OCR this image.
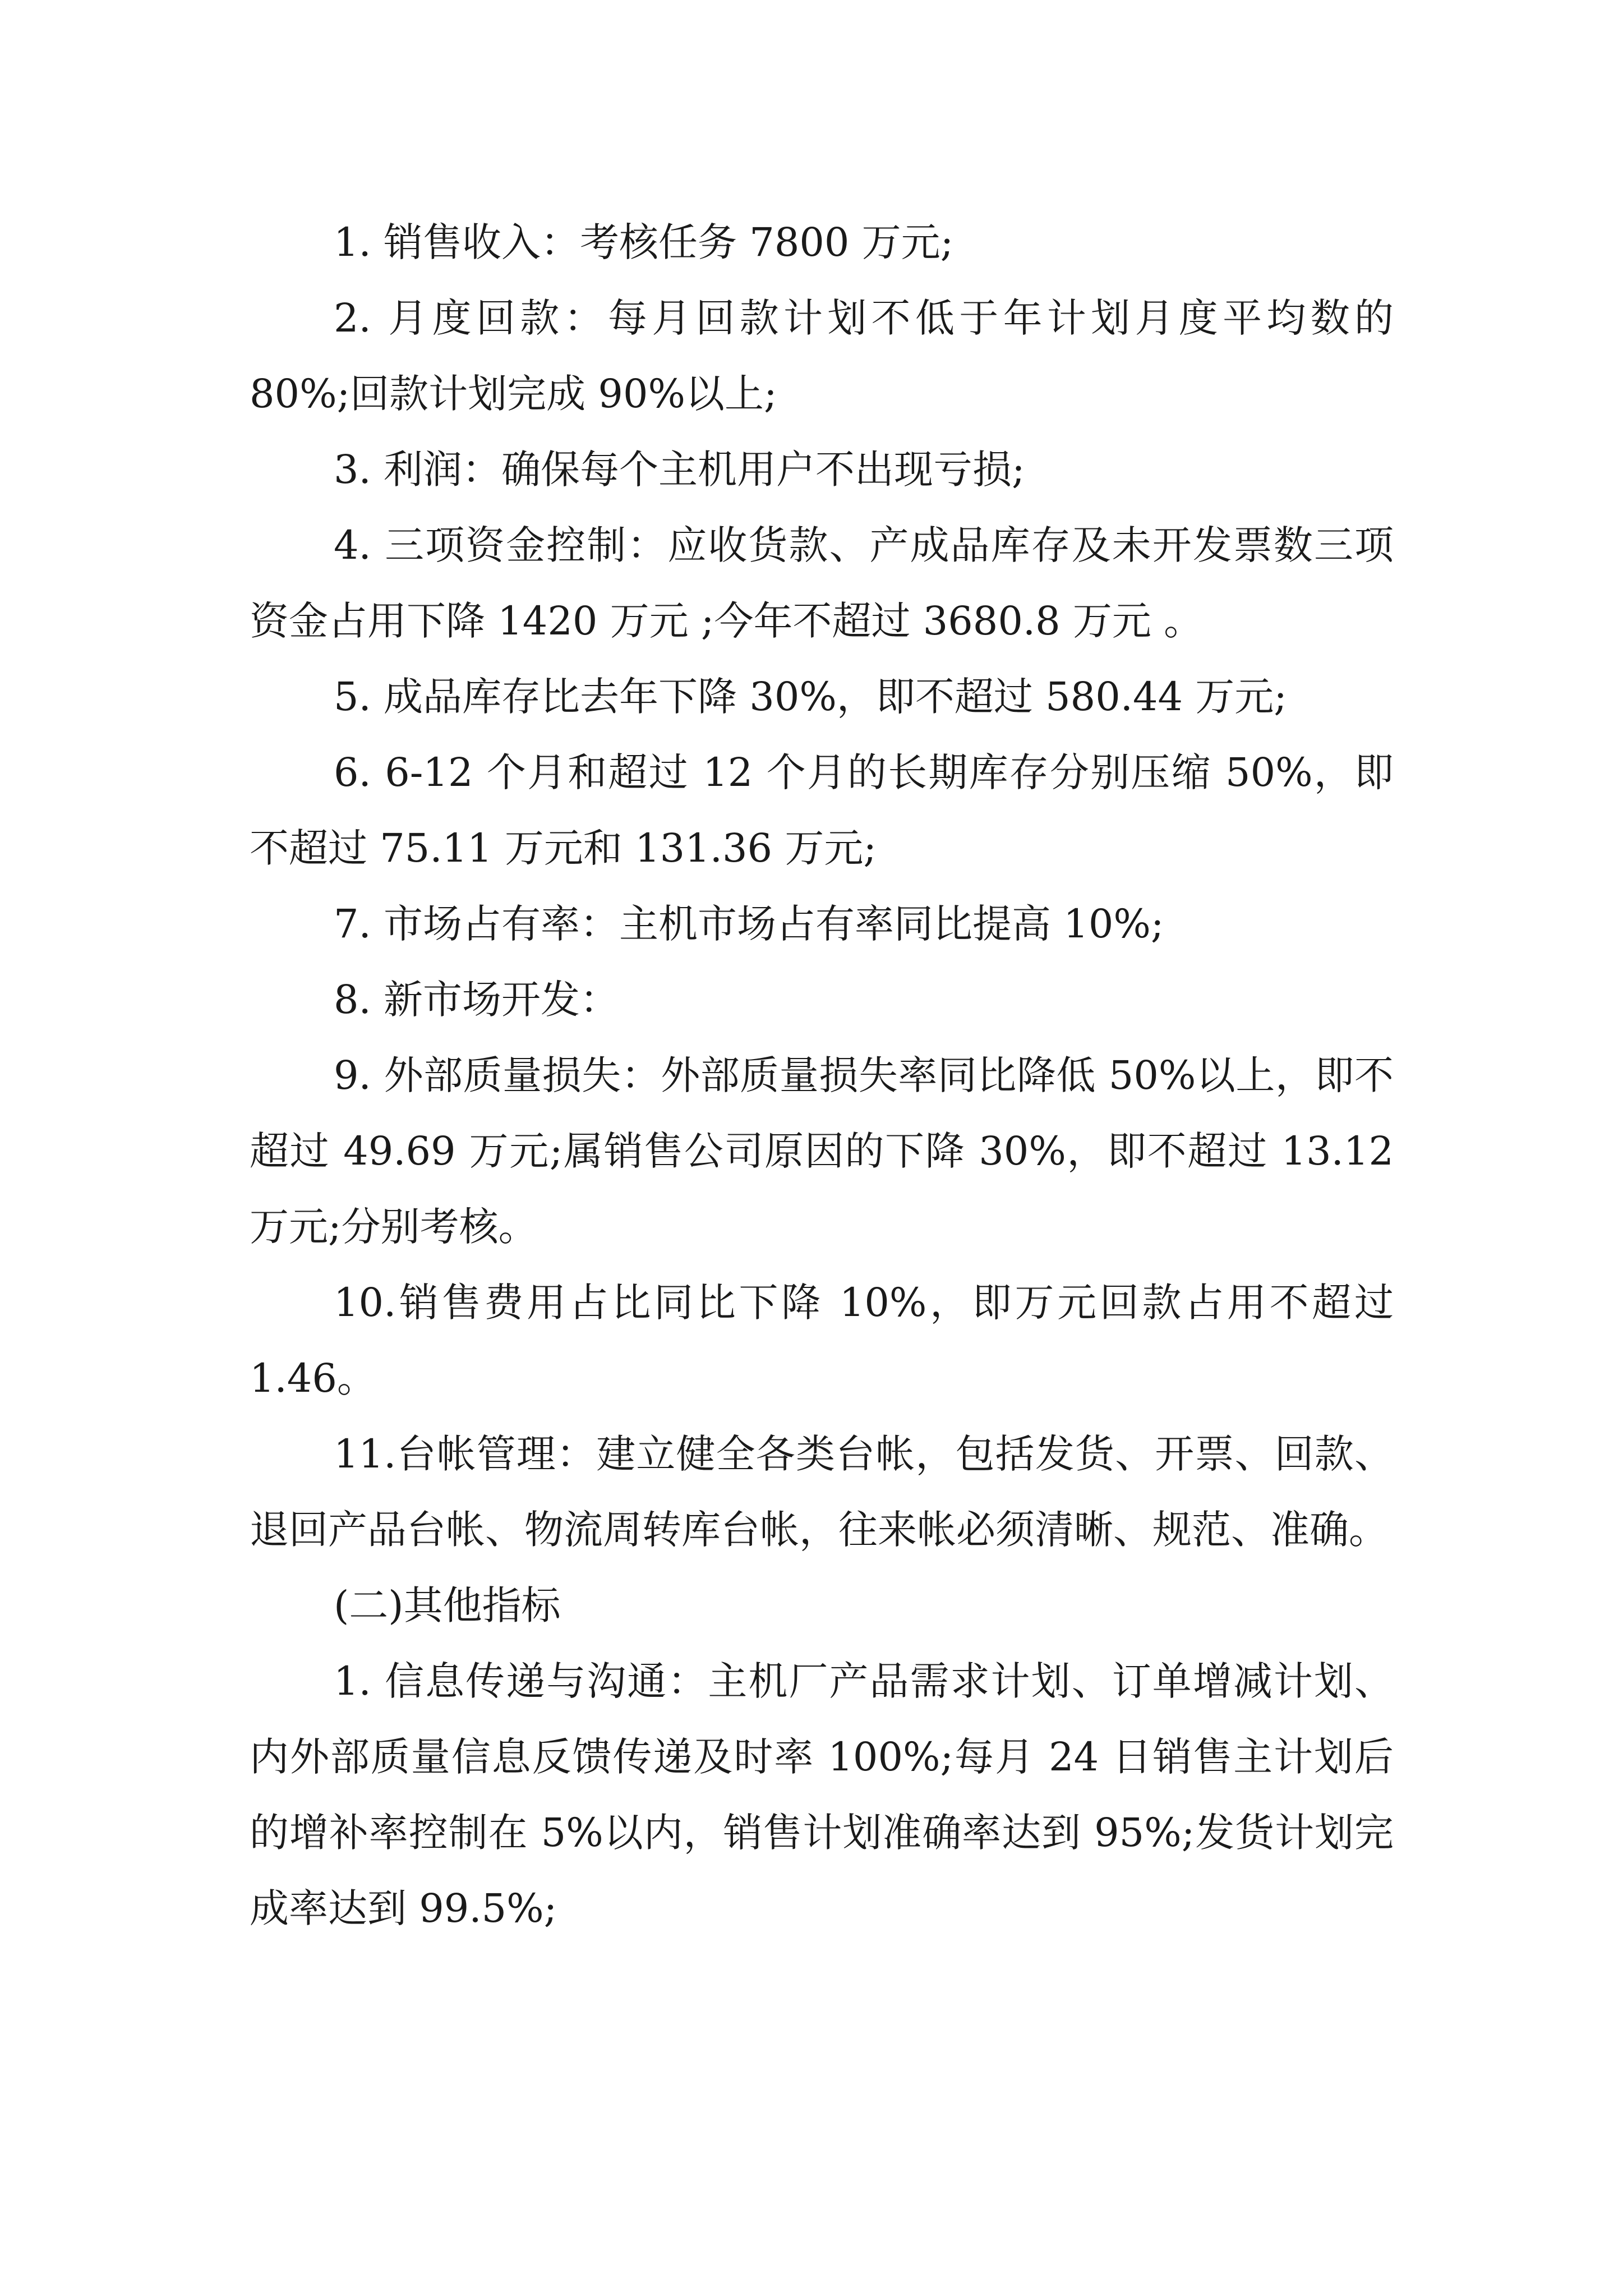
1. 销售收入：考核任务 7800 万元;

2. 月度回款：每月回款计划不低于年计划月度平均数的 80%;回款计划完成 90%以上;

3. 利润：确保每个主机用户不出现亏损;

4. 三项资金控制：应收货款、产成品库存及未开发票数三项资金占用下降 1420 万元 ;今年不超过 3680.8 万元 。

5. 成品库存比去年下降 30%，即不超过 580.44 万元;

6. 6-12 个月和超过 12 个月的长期库存分别压缩 50%，即不超过 75.11 万元和 131.36 万元;

7. 市场占有率：主机市场占有率同比提高 10%;

8. 新市场开发：

9. 外部质量损失：外部质量损失率同比降低 50%以上，即不超过 49.69 万元;属销售公司原因的下降 30%，即不超过 13.12 万元;分别考核。

10.销售费用占比同比下降 10%，即万元回款占用不超过 1.46。

11.台帐管理：建立健全各类台帐，包括发货、开票、回款、退回产品台帐、物流周转库台帐，往来帐必须清晰、规范、准确。

(二)其他指标

1. 信息传递与沟通：主机厂产品需求计划、订单增减计划、内外部质量信息反馈传递及时率 100%;每月 24 日销售主计划后的增补率控制在 5%以内，销售计划准确率达到 95%;发货计划完成率达到 99.5%;
